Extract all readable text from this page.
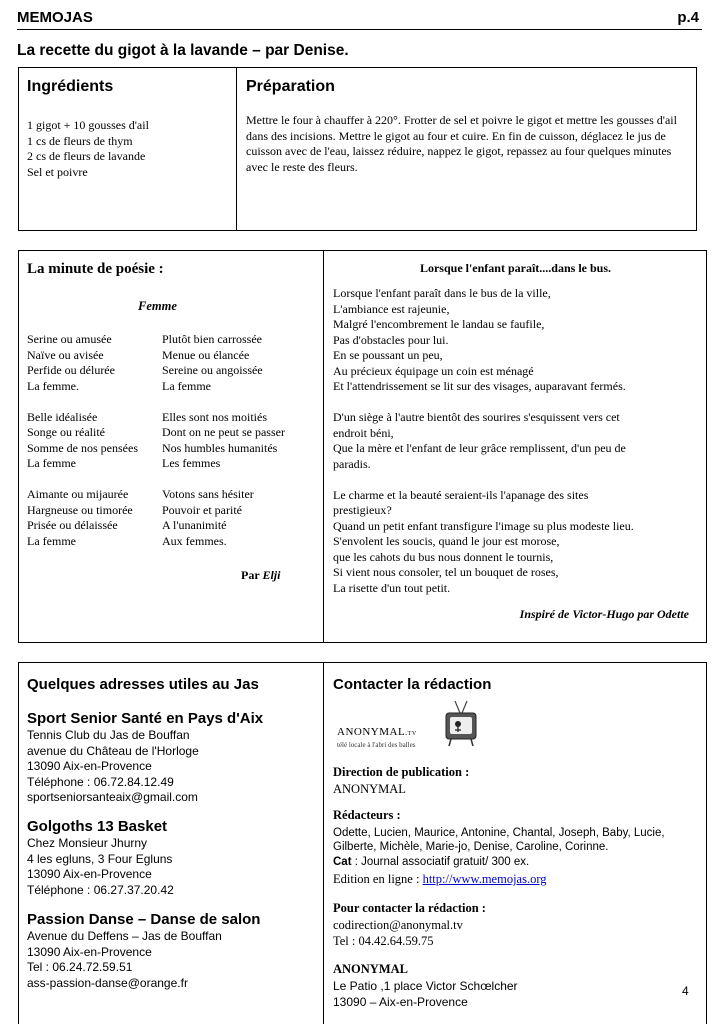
MEMOJAS	p.4
La recette du gigot à la lavande – par Denise.
Ingrédients
1 gigot + 10 gousses d'ail
1 cs de fleurs de thym
2 cs de fleurs de lavande
Sel et poivre
Préparation
Mettre le four à chauffer à 220°. Frotter de sel et poivre le gigot et mettre les gousses d'ail dans des incisions. Mettre le gigot au four et cuire. En fin de cuisson, déglacez le jus de cuisson avec de l'eau, laissez réduire, nappez le gigot, repassez au four quelques minutes avec le reste des fleurs.
La minute de poésie :
Femme
Serine ou amusée
Naïve ou avisée
Perfide ou délurée
La femme.
Belle idéalisée
Songe ou réalité
Somme de nos pensées
La femme
Aimante ou mijaurée
Hargneuse ou timorée
Prisée ou délaissée
La femme
Plutôt bien carrossée
Menue ou élancée
Sereine ou angoissée
La femme
Elles sont nos moitiés
Dont on ne peut se passer
Nos humbles humanités
Les femmes
Votons sans hésiter
Pouvoir et parité
A l'unanimité
Aux femmes.
Par Elji
Lorsque l'enfant paraît....dans le bus.
Lorsque l'enfant paraît dans le bus de la ville,
L'ambiance est rajeunie,
Malgré l'encombrement le landau se faufile,
Pas d'obstacles pour lui.
En se poussant un peu,
Au précieux équipage un coin est ménagé
Et l'attendrissement se lit sur des visages, auparavant fermés.
D'un siège à l'autre bientôt des sourires s'esquissent vers cet
endroit béni,
Que la mère et l'enfant de leur grâce remplissent, d'un peu de
paradis.
Le charme et la beauté seraient-ils l'apanage des sites
prestigieux?
Quand un petit enfant transfigure l'image su plus modeste lieu.
S'envolent les soucis, quand le jour est morose,
que les cahots du bus nous donnent le tournis,
Si vient nous consoler, tel un bouquet de roses,
La risette d'un tout petit.
Inspiré de Victor-Hugo par Odette
Quelques adresses utiles au Jas
Sport Senior Santé en Pays d'Aix
Tennis Club du Jas de Bouffan
avenue du Château de l'Horloge
13090 Aix-en-Provence
Téléphone : 06.72.84.12.49
sportseniorsanteaix@gmail.com
Golgoths 13 Basket
Chez Monsieur Jhurny
4 les egluns, 3 Four Egluns
13090 Aix-en-Provence
Téléphone : 06.27.37.20.42
Passion Danse – Danse de salon
Avenue du Deffens – Jas de Bouffan
13090 Aix-en-Provence
Tel : 06.24.72.59.51
ass-passion-danse@orange.fr
Contacter la rédaction
anonymal.tv
télé locale à l'abri des balles
Direction de publication :
ANONYMAL
Rédacteurs :
Odette, Lucien, Maurice, Antonine, Chantal, Joseph, Baby, Lucie, Gilberte, Michèle, Marie-jo, Denise, Caroline, Corinne.
Cat : Journal associatif gratuit/ 300 ex.
Edition en ligne : http://www.memojas.org
Pour contacter la rédaction :
codirection@anonymal.tv
Tel : 04.42.64.59.75
ANONYMAL
Le Patio ,1 place Victor Schœlcher
13090 – Aix-en-Provence
4
